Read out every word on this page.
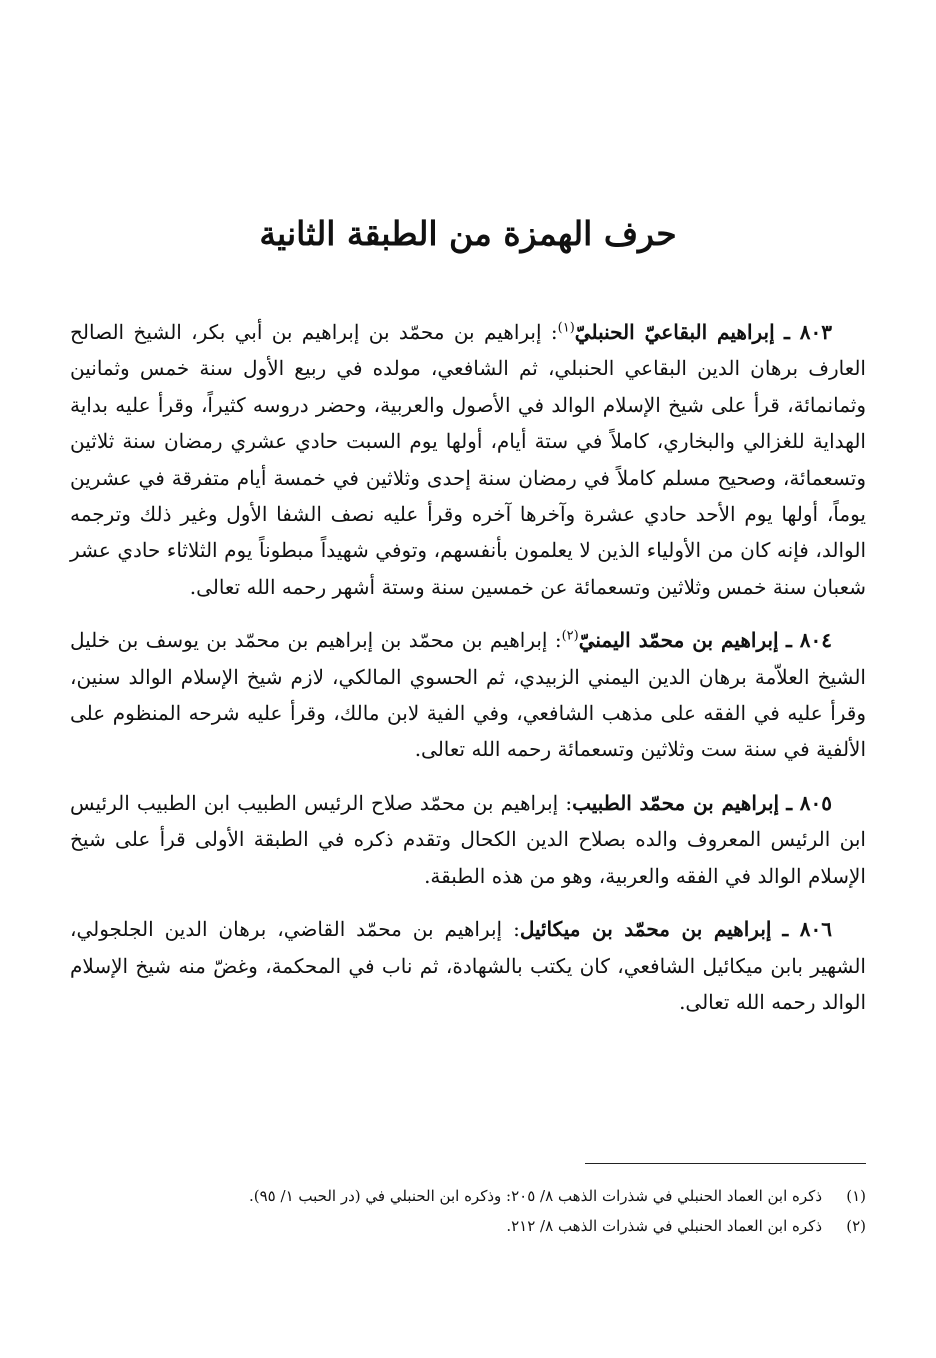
حرف الهمزة من الطبقة الثانية

٨٠٣ ـ إبراهيم البقاعيّ الحنبليّ$^{(١)}$: إبراهيم بن محمّد بن إبراهيم بن أبي بكر، الشيخ الصالح العارف برهان الدين البقاعي الحنبلي، ثم الشافعي، مولده في ربيع الأول سنة خمس وثمانين وثمانمائة، قرأ على شيخ الإسلام الوالد في الأصول والعربية، وحضر دروسه كثيراً، وقرأ عليه بداية الهداية للغزالي والبخاري، كاملاً في ستة أيام، أولها يوم السبت حادي عشري رمضان سنة ثلاثين وتسعمائة، وصحيح مسلم كاملاً في رمضان سنة إحدى وثلاثين في خمسة أيام متفرقة في عشرين يوماً، أولها يوم الأحد حادي عشرة وآخرها آخره وقرأ عليه نصف الشفا الأول وغير ذلك وترجمه الوالد، فإنه كان من الأولياء الذين لا يعلمون بأنفسهم، وتوفي شهيداً مبطوناً يوم الثلاثاء حادي عشر شعبان سنة خمس وثلاثين وتسعمائة عن خمسين سنة وستة أشهر رحمه الله تعالى.

٨٠٤ ـ إبراهيم بن محمّد اليمنيّ$^{(٢)}$: إبراهيم بن محمّد بن إبراهيم بن محمّد بن يوسف بن خليل الشيخ العلاّمة برهان الدين اليمني الزبيدي، ثم الحسوي المالكي، لازم شيخ الإسلام الوالد سنين، وقرأ عليه في الفقه على مذهب الشافعي، وفي الفية لابن مالك، وقرأ عليه شرحه المنظوم على الألفية في سنة ست وثلاثين وتسعمائة رحمه الله تعالى.

٨٠٥ ـ إبراهيم بن محمّد الطبيب: إبراهيم بن محمّد صلاح الرئيس الطبيب ابن الطبيب الرئيس ابن الرئيس المعروف والده بصلاح الدين الكحال وتقدم ذكره في الطبقة الأولى قرأ على شيخ الإسلام الوالد في الفقه والعربية، وهو من هذه الطبقة.

٨٠٦ ـ إبراهيم بن محمّد بن ميكائيل: إبراهيم بن محمّد القاضي، برهان الدين الجلجولي، الشهير بابن ميكائيل الشافعي، كان يكتب بالشهادة، ثم ناب في المحكمة، وغضّ منه شيخ الإسلام الوالد رحمه الله تعالى.

(١)
ذكره ابن العماد الحنبلي في شذرات الذهب ٨/ ٢٠٥: وذكره ابن الحنبلي في (در الحبب ١/ ٩٥).
(٢)
ذكره ابن العماد الحنبلي في شذرات الذهب ٨/ ٢١٢.
